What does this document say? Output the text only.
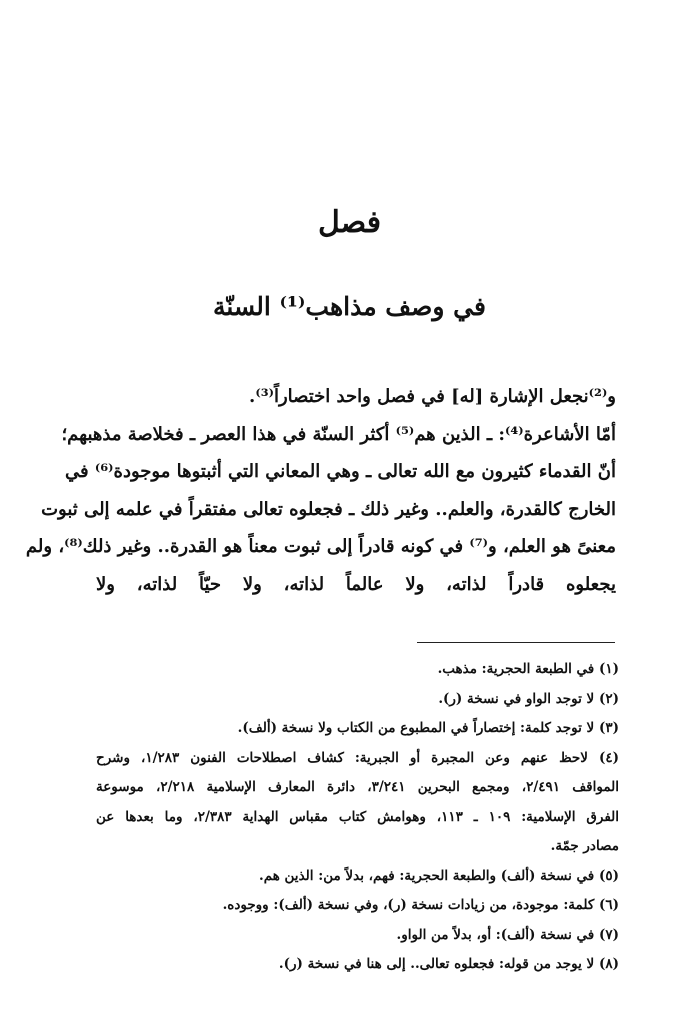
فصل
في وصف مذاهب⁽¹⁾ السنّة
و⁽²⁾نجعل الإشارة [له] في فصل واحد اختصاراً⁽³⁾.
أمّا الأشاعرة⁽⁴⁾: ـ الذين هم⁽⁵⁾ أكثر السنّة في هذا العصر ـ فخلاصة مذهبهم؛
أنّ القدماء كثيرون مع الله تعالى ـ وهي المعاني التي أثبتوها موجودة⁽⁶⁾ في
الخارج كالقدرة، والعلم.. وغير ذلك ـ فجعلوه تعالى مفتقراً في علمه إلى ثبوت
معنىً هو العلم، و⁽⁷⁾ في كونه قادراً إلى ثبوت معناً هو القدرة.. وغير ذلك⁽⁸⁾، ولم
يجعلوه قادراً لذاته، ولا عالماً لذاته، ولا حيّاً لذاته، ولا
(١) في الطبعة الحجرية: مذهب.
(٢) لا توجد الواو في نسخة (ر).
(٣) لا توجد كلمة: إختصاراً في المطبوع من الكتاب ولا نسخة (ألف).
(٤) لاحظ عنهم وعن المجبرة أو الجبرية: كشاف اصطلاحات الفنون ١/٢٨٣، وشرح
المواقف ٢/٤٩١، ومجمع البحرين ٣/٢٤١، دائرة المعارف الإسلامية ٢/٢١٨، موسوعة
الفرق الإسلامية: ١٠٩ ـ ١١٣، وهوامش كتاب مقباس الهداية ٢/٣٨٣، وما بعدها عن
مصادر جمّة.
(٥) في نسخة (ألف) والطبعة الحجرية: فهم، بدلاً من: الذين هم.
(٦) كلمة: موجودة، من زيادات نسخة (ر)، وفي نسخة (ألف): ووجوده.
(٧) في نسخة (ألف): أو، بدلاً من الواو.
(٨) لا يوجد من قوله: فجعلوه تعالى.. إلى هنا في نسخة (ر).
